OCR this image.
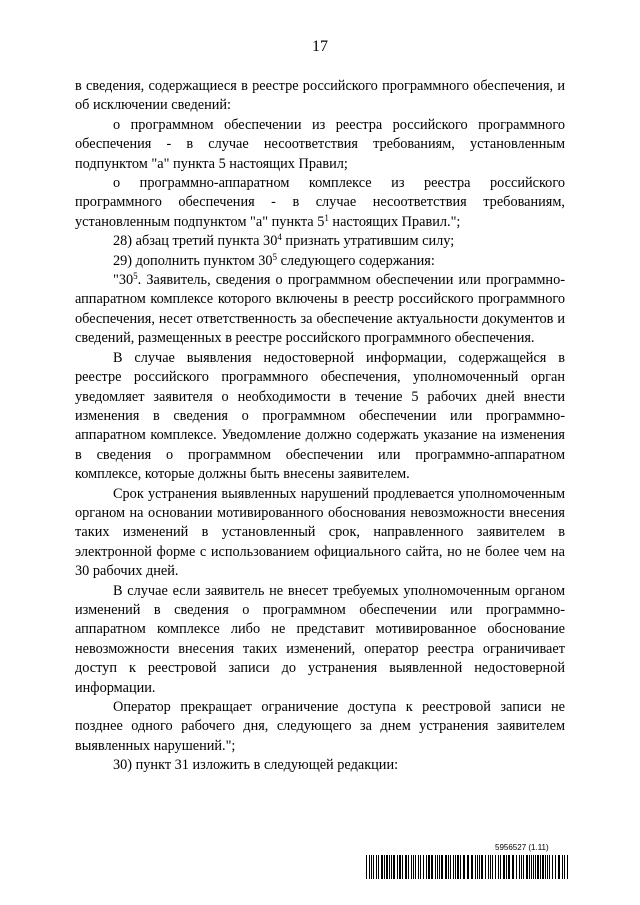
17

в сведения, содержащиеся в реестре российского программного обеспечения, и об исключении сведений:

о программном обеспечении из реестра российского программного обеспечения - в случае несоответствия требованиям, установленным подпунктом "а" пункта 5 настоящих Правил;

о программно-аппаратном комплексе из реестра российского программного обеспечения - в случае несоответствия требованиям, установленным подпунктом "а" пункта $5^1$ настоящих Правил.";

28) абзац третий пункта $30^4$ признать утратившим силу;

29) дополнить пунктом $30^5$ следующего содержания:

"$30^5$. Заявитель, сведения о программном обеспечении или программно-аппаратном комплексе которого включены в реестр российского программного обеспечения, несет ответственность за обеспечение актуальности документов и сведений, размещенных в реестре российского программного обеспечения.

В случае выявления недостоверной информации, содержащейся в реестре российского программного обеспечения, уполномоченный орган уведомляет заявителя о необходимости в течение 5 рабочих дней внести изменения в сведения о программном обеспечении или программно-аппаратном комплексе. Уведомление должно содержать указание на изменения в сведения о программном обеспечении или программно-аппаратном комплексе, которые должны быть внесены заявителем.

Срок устранения выявленных нарушений продлевается уполномоченным органом на основании мотивированного обоснования невозможности внесения таких изменений в установленный срок, направленного заявителем в электронной форме с использованием официального сайта, но не более чем на 30 рабочих дней.

В случае если заявитель не внесет требуемых уполномоченным органом изменений в сведения о программном обеспечении или программно-аппаратном комплексе либо не представит мотивированное обоснование невозможности внесения таких изменений, оператор реестра ограничивает доступ к реестровой записи до устранения выявленной недостоверной информации.

Оператор прекращает ограничение доступа к реестровой записи не позднее одного рабочего дня, следующего за днем устранения заявителем выявленных нарушений.";

30) пункт 31 изложить в следующей редакции:

5956527 (1.11)
